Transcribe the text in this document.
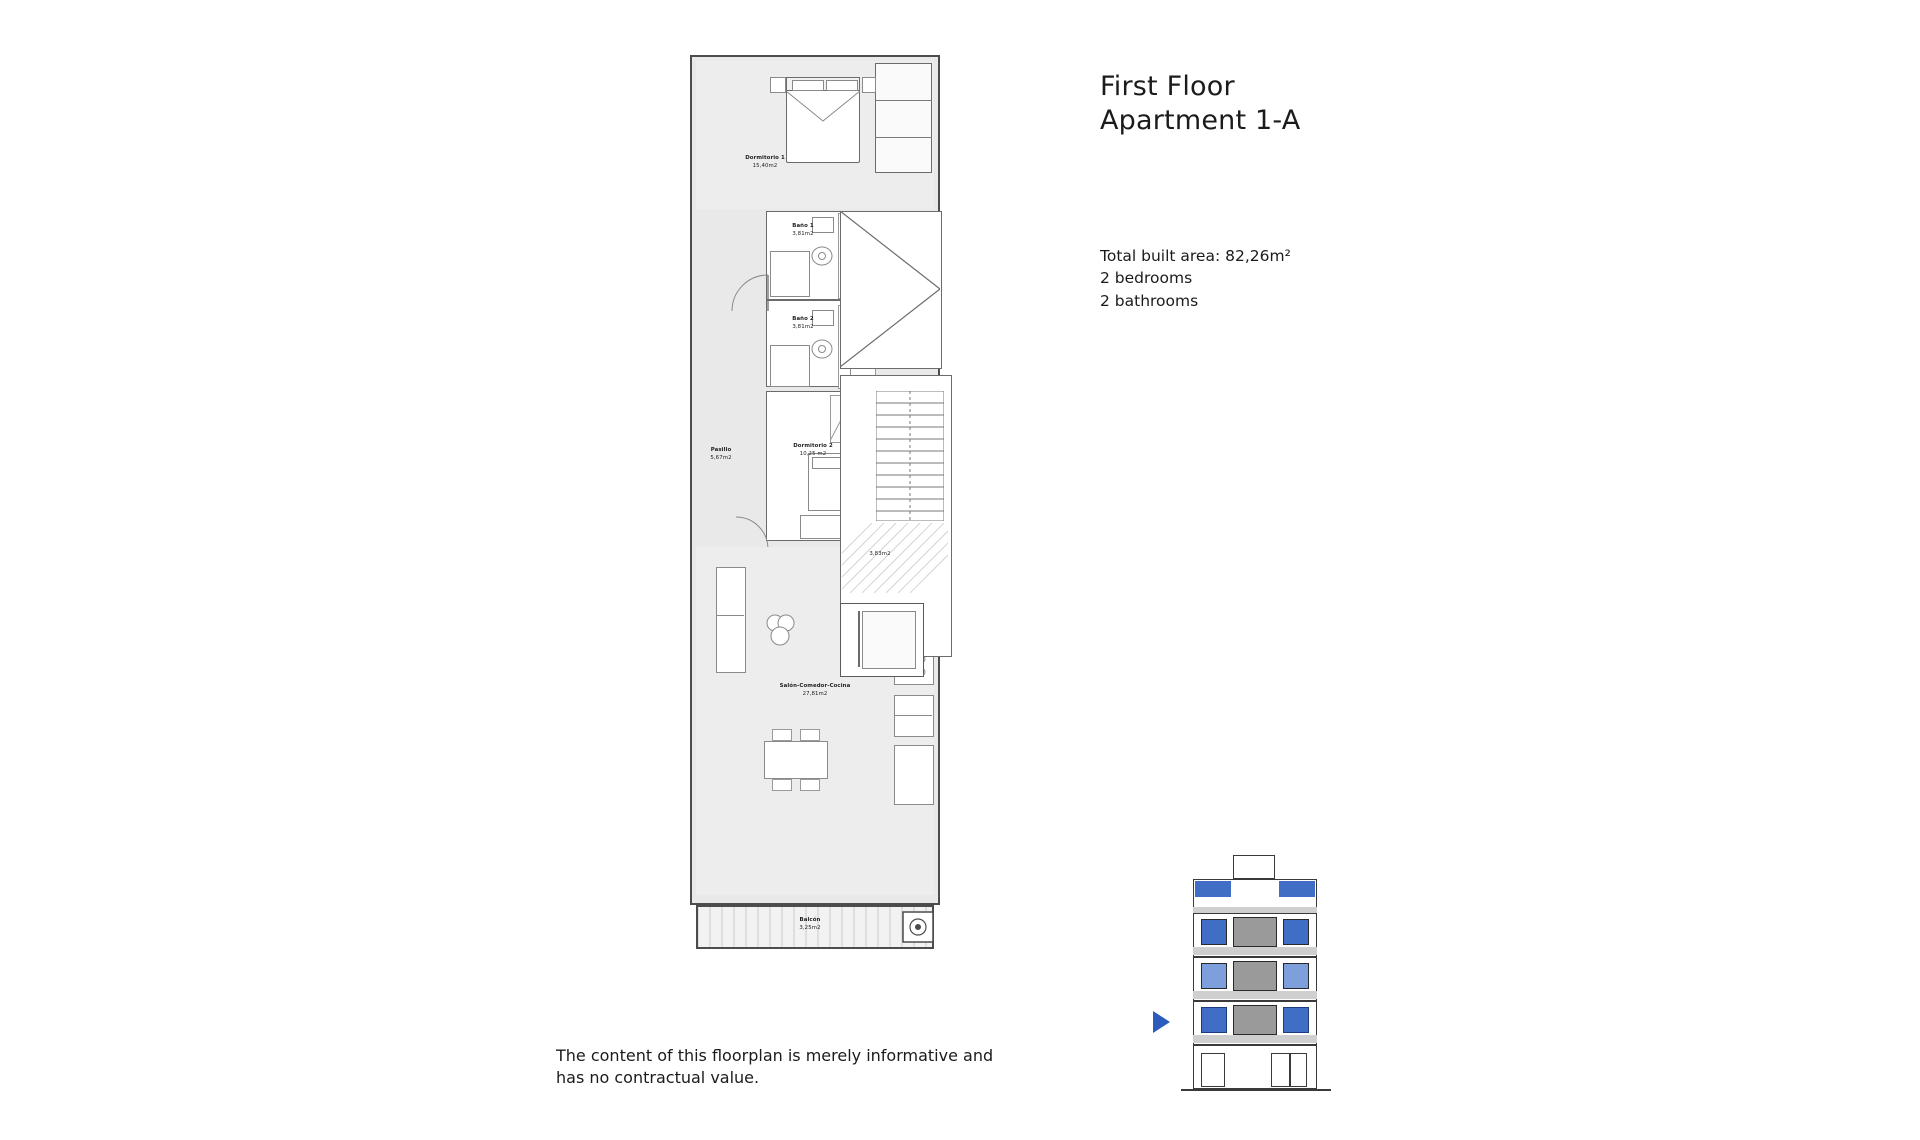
Dormitorio 1
15,40m2
Baño 1
3,81m2
Baño 2
3,81m2
Pasillo
5,67m2
Dormitorio 2
10,25 m2
Salón-Comedor-Cocina
27,81m2
Balcón
3,25m2
3,83m2
First Floor
Apartment 1-A
Total built area: 82,26m²
2 bedrooms
2 bathrooms
The content of this floorplan is merely informative and
has no contractual value.
